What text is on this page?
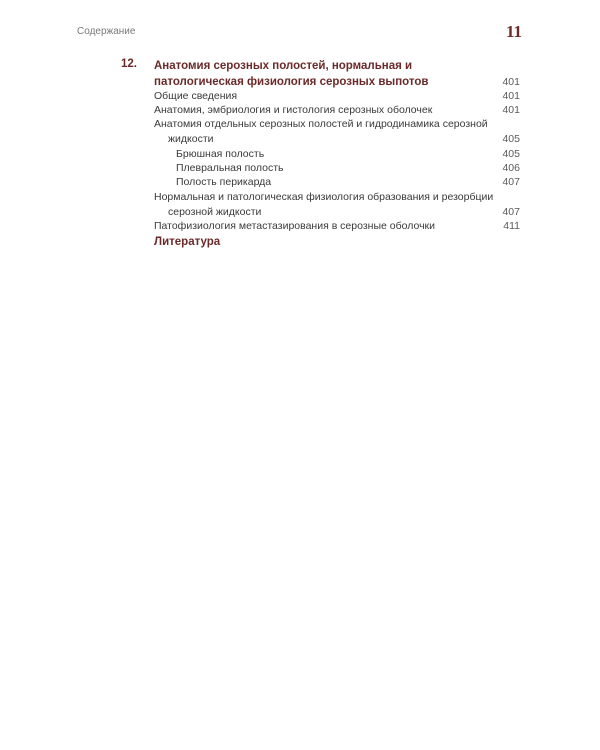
Содержание	11
12. Анатомия серозных полостей, нормальная и патологическая физиология серозных выпотов	401
Общие сведения	401
Анатомия, эмбриология и гистология серозных оболочек	401
Анатомия отдельных серозных полостей и гидродинамика серозной
жидкости	405
Брюшная полость	405
Плевральная полость	406
Полость перикарда	407
Нормальная и патологическая физиология образования и резорбции
серозной жидкости	407
Патофизиология метастазирования в серозные оболочки	411
Литература
